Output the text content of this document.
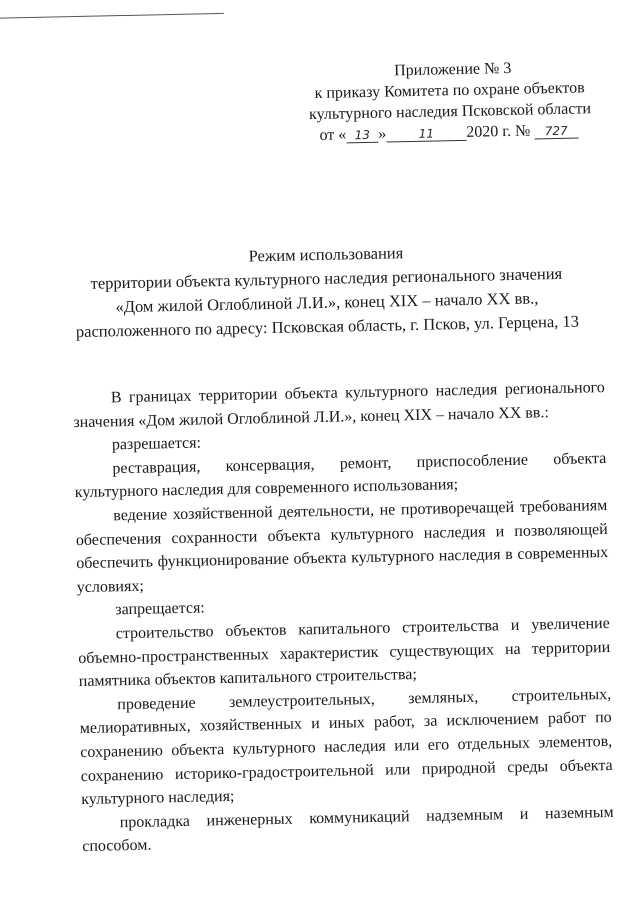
Приложение № 3
к приказу Комитета по охране объектов
культурного наследия Псковской области
от « 13 »	11 2020 г. № 727
Режим использования
территории объекта культурного наследия регионального значения
«Дом жилой Оглоблиной Л.И.», конец XIX – начало XX вв.,
расположенного по адресу: Псковская область, г. Псков, ул. Герцена, 13

В границах территории объекта культурного наследия регионального значения «Дом жилой Оглоблиной Л.И.», конец XIX – начало XX вв.:

разрешается:

реставрация, консервация, ремонт, приспособление объекта культурного наследия для современного использования;

ведение хозяйственной деятельности, не противоречащей требованиям обеспечения сохранности объекта культурного наследия и позволяющей обеспечить функционирование объекта культурного наследия в современных условиях;

запрещается:

строительство объектов капитального строительства и увеличение объемно-пространственных характеристик существующих на территории памятника объектов капитального строительства;

проведение землеустроительных, земляных, строительных, мелиоративных, хозяйственных и иных работ, за исключением работ по сохранению объекта культурного наследия или его отдельных элементов, сохранению историко-градостроительной или природной среды объекта культурного наследия;

прокладка инженерных коммуникаций надземным и наземным способом.
